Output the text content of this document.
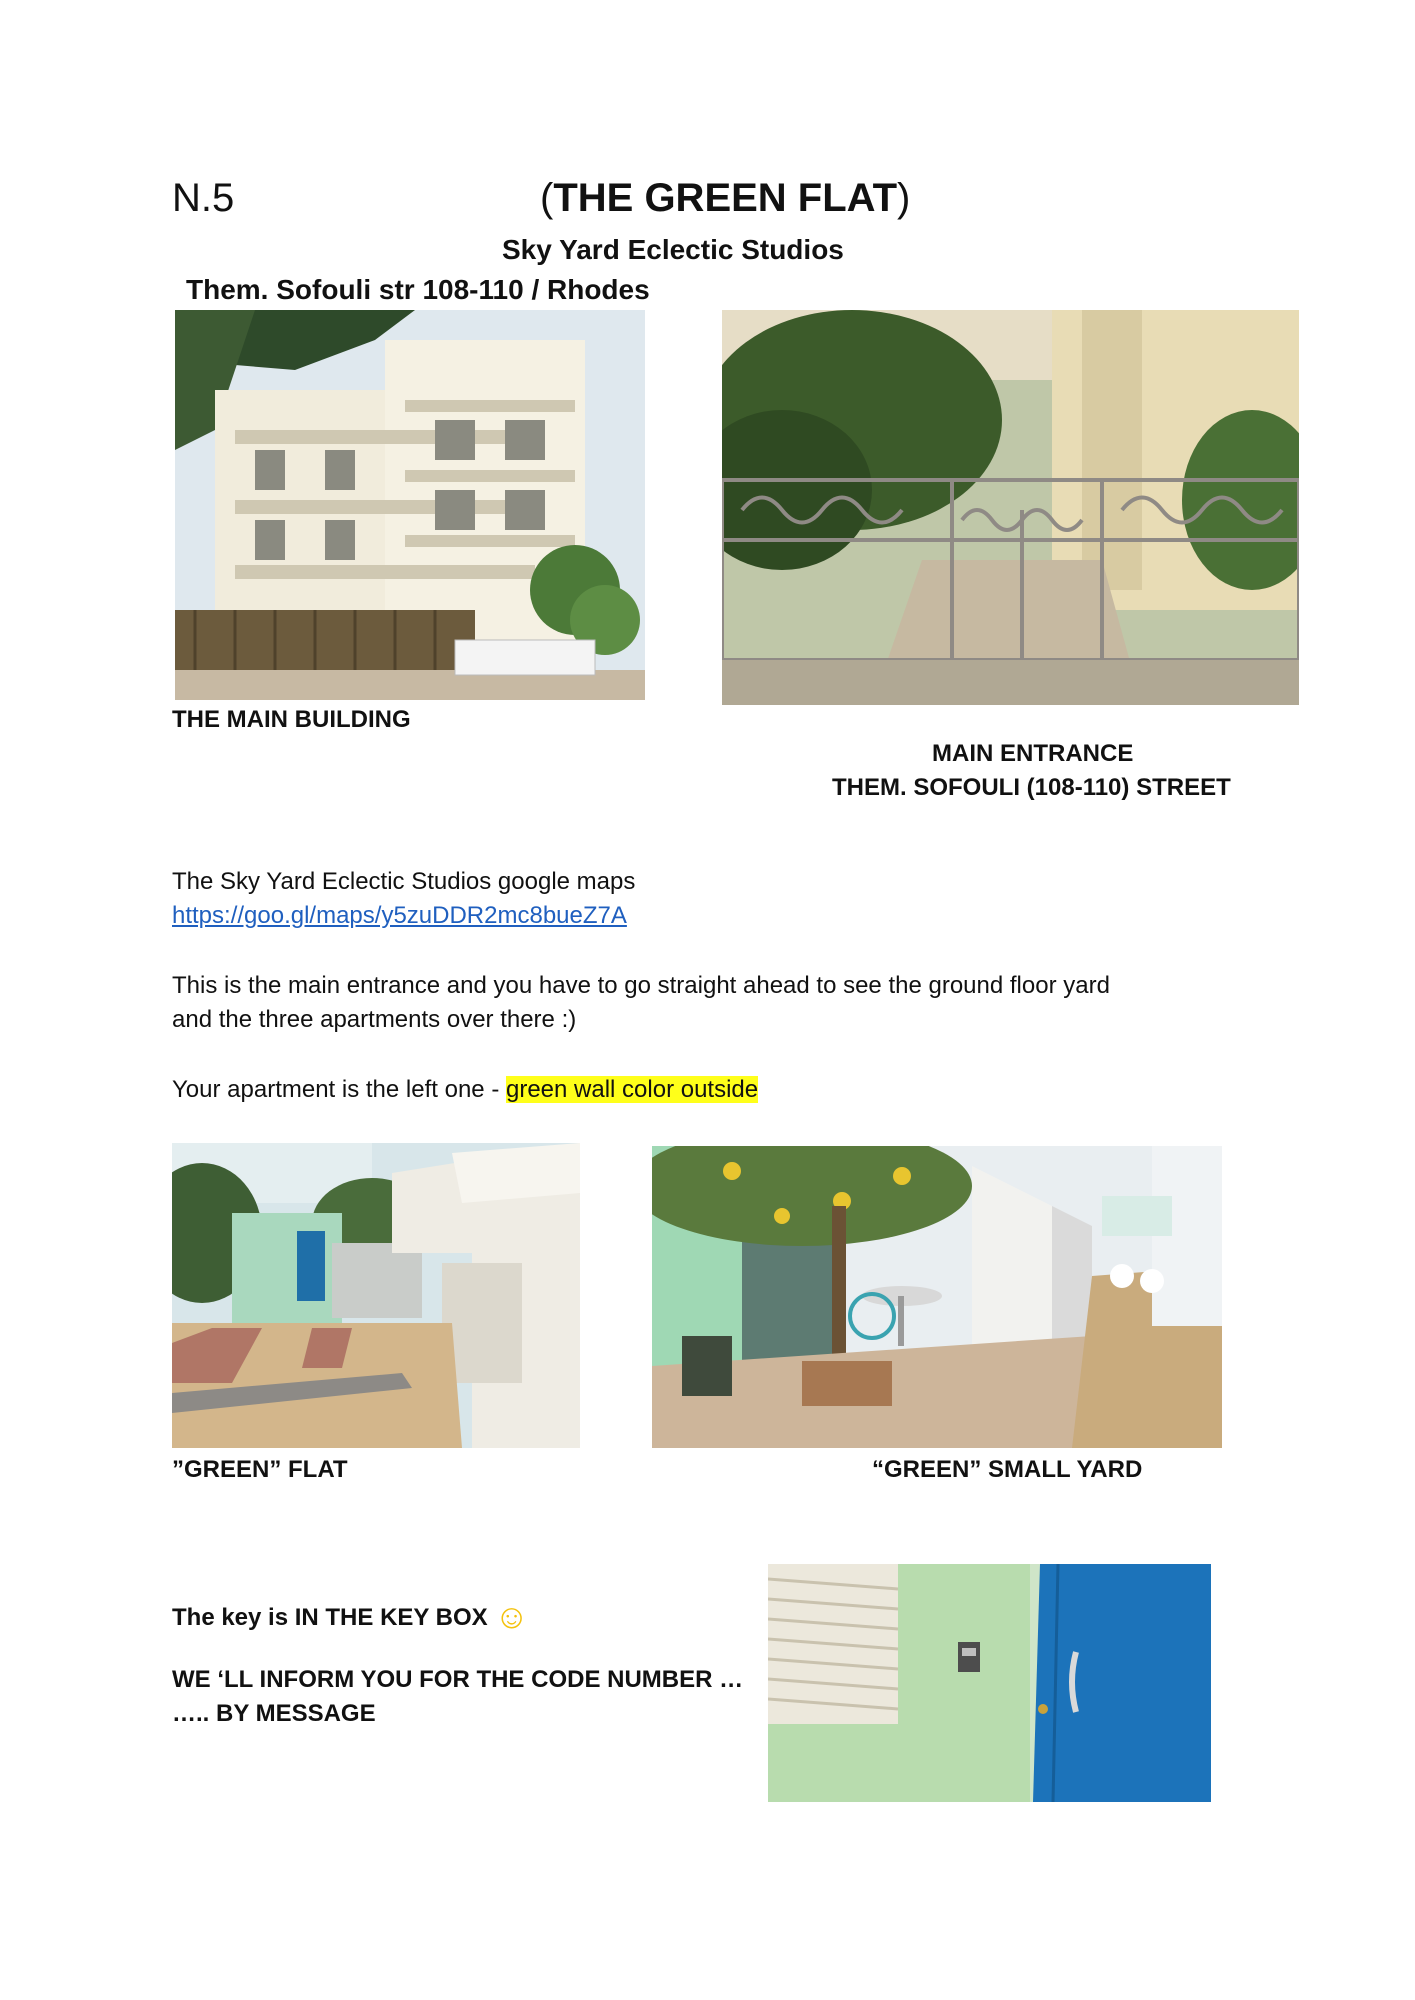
N.5	(THE GREEN FLAT)
Sky Yard Eclectic Studios
Them. Sofouli str 108-110 / Rhodes
THE MAIN BUILDING
MAIN ENTRANCE
THEM. SOFOULI (108-110) STREET
The Sky Yard Eclectic Studios google maps
https://goo.gl/maps/y5zuDDR2mc8bueZ7A
This is the main entrance and you have to go straight ahead to see the ground floor yard
and the three apartments over there :)
Your apartment is the left one - green wall color outside
”GREEN” FLAT	“GREEN” SMALL YARD
The key is IN THE KEY BOX ☺
WE ‘LL INFORM YOU FOR THE CODE NUMBER …
….. BY MESSAGE
